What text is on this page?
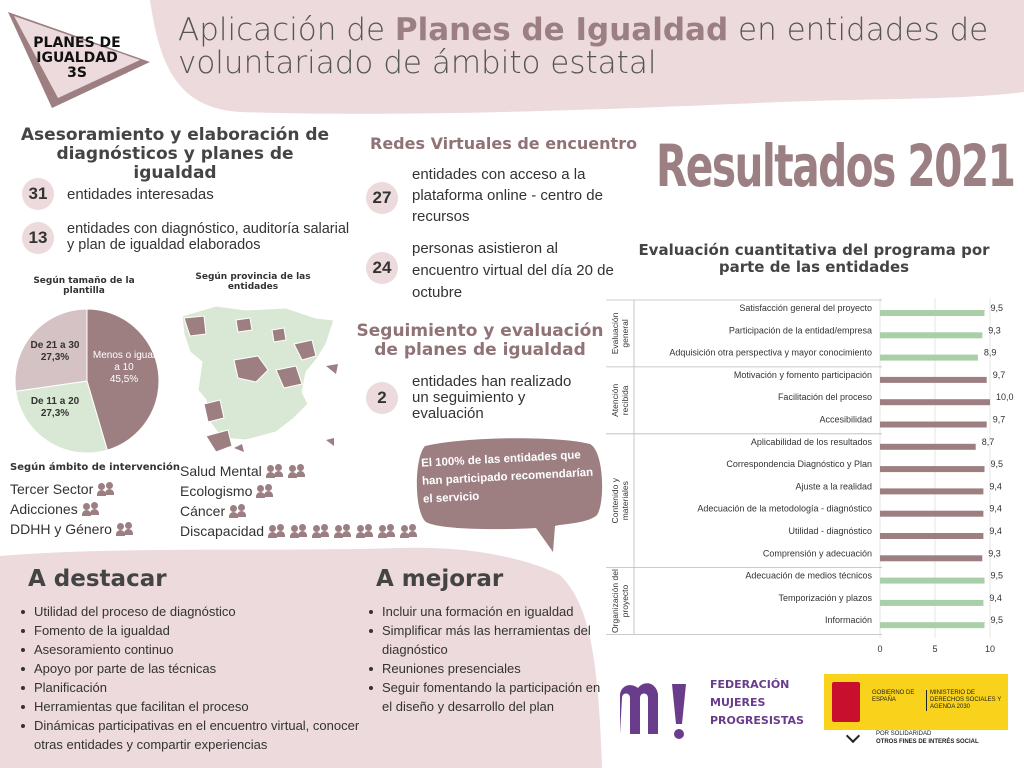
PLANES DE
IGUALDAD
3S
Aplicación de Planes de Igualdad en entidades de voluntariado de ámbito estatal
Asesoramiento y elaboración de diagnósticos y planes de igualdad
31	entidades interesadas
13	entidades con diagnóstico, auditoría salarial y plan de igualdad elaborados
Según tamaño de la plantilla
Según provincia de las entidades
Menos o igual a 10
45,5%
De 11 a 20
27,3%
De 21 a 30
27,3%
Según ámbito de intervención
Tercer Sector
Adicciones
DDHH y Género
Salud Mental
Ecologismo
Cáncer
Discapacidad
Redes Virtuales de encuentro
27
entidades con acceso a la plataforma online - centro de recursos
24
personas asistieron al encuentro virtual del día 20 de octubre
Seguimiento y evaluación de planes de igualdad
2
entidades han realizado un seguimiento y evaluación
El 100% de las entidades que han participado recomendarían el servicio
Resultados 2021
Evaluación cuantitativa del programa por parte de las entidades
0	5	10
Evaluacióngeneral
Satisfacción general del proyecto	9,5
Participación de la entidad/empresa	9,3
Adquisición otra perspectiva y mayor conocimiento	8,9
Atenciónrecibida
Motivación y fomento participación	9,7
Facilitación del proceso	10,0
Accesibilidad	9,7
Contenido ymateriales
Aplicabilidad de los resultados	8,7
Correspondencia Diagnóstico y Plan	9,5
Ajuste a la realidad	9,4
Adecuación de la metodología - diagnóstico	9,4
Utilidad - diagnóstico	9,4
Comprensión y adecuación	9,3
Organización delproyecto
Adecuación de medios técnicos	9,5
Temporización y plazos	9,4
Información	9,5
A destacar
Utilidad del proceso de diagnóstico
Fomento de la igualdad
Asesoramiento continuo
Apoyo por parte de las técnicas
Planificación
Herramientas que facilitan el proceso
Dinámicas participativas en el encuentro virtual, conocer otras entidades y compartir experiencias
A mejorar
Incluir una formación en igualdad
Simplificar más las herramientas del diagnóstico
Reuniones presenciales
Seguir fomentando la participación en el diseño y desarrollo del plan
FEDERACIÓN
MUJERES
PROGRESISTAS
GOBIERNO DE ESPAÑA
MINISTERIO DE DERECHOS SOCIALES Y AGENDA 2030
POR SOLIDARIDAD
OTROS FINES DE INTERÉS SOCIAL
